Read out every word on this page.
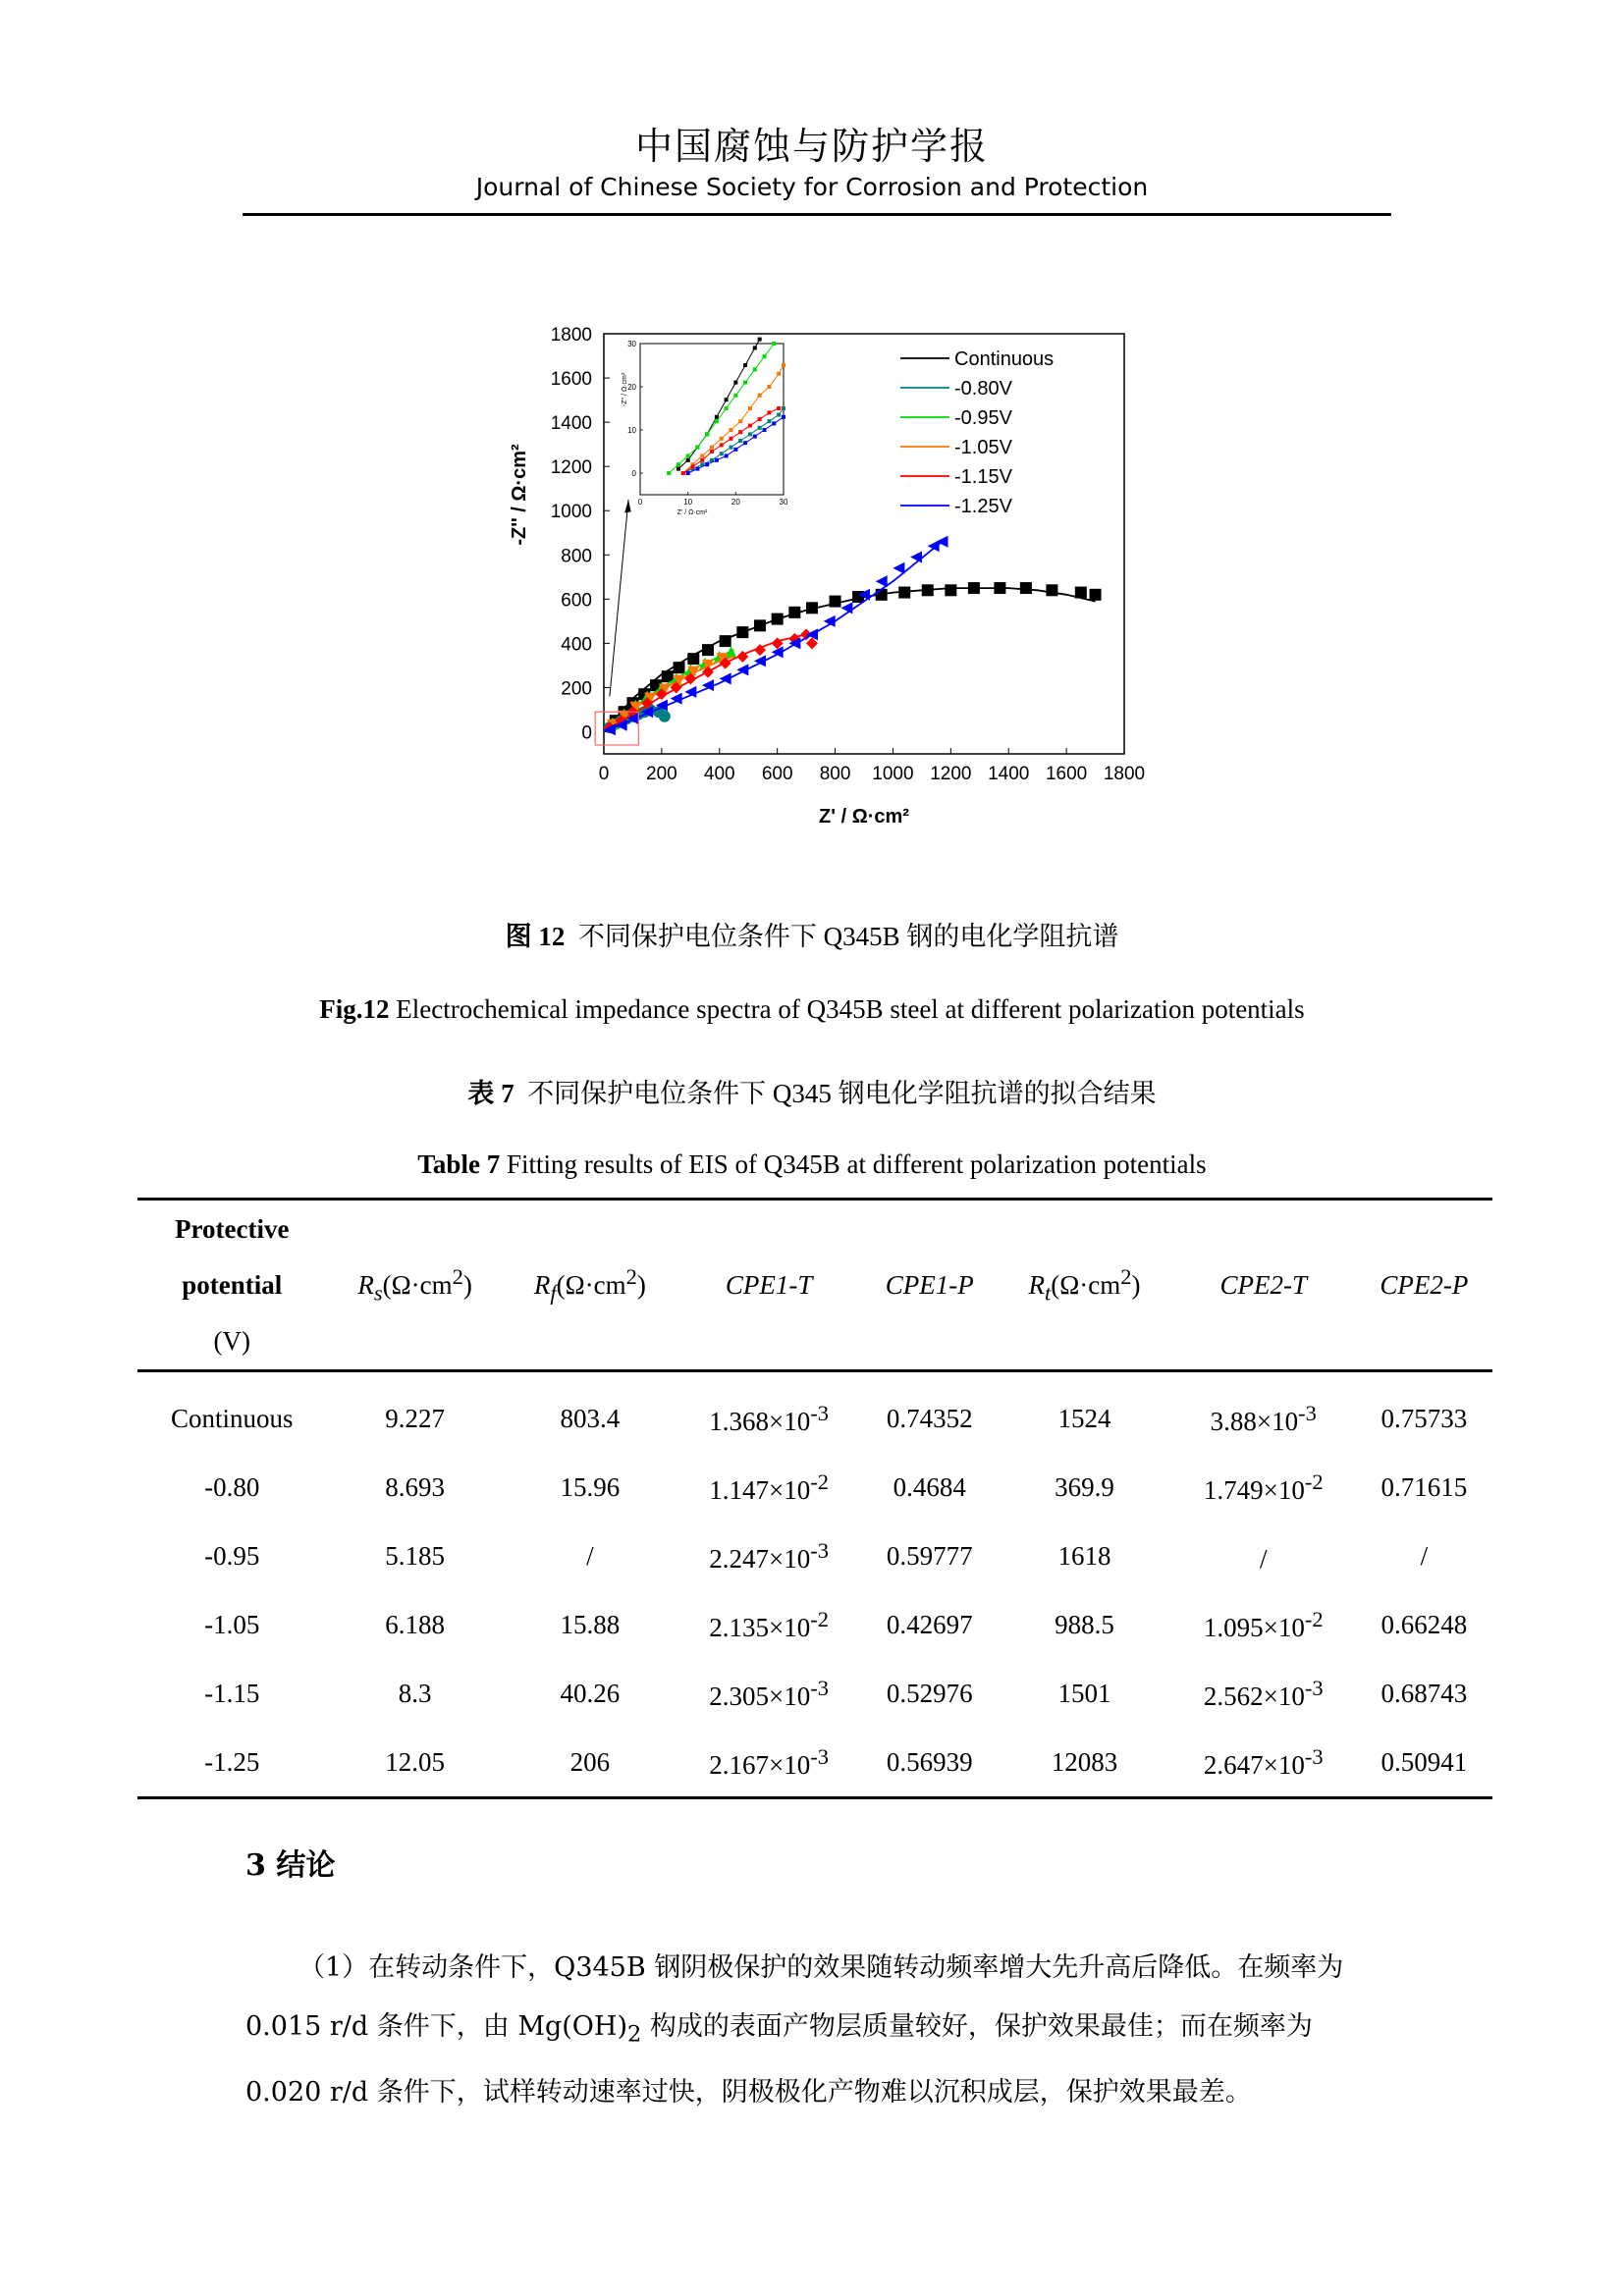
中国腐蚀与防护学报
Journal of Chinese Society for Corrosion and Protection
0 200 400 600 800 1000 1200 1400 1600 1800
0
200
400
600
800
1000
1200
1400
1600
1800
Continuous
-0.80V
-0.95V
-1.05V
-1.15V
-1.25V
0	10	20	30
0
10
20
30
Z' / Ω·cm²
-Z'' / Ω·cm²
Z' / Ω·cm²
-Z'' / Ω·cm²
图 12 不同保护电位条件下 Q345B 钢的电化学阻抗谱
Fig.12 Electrochemical impedance spectra of Q345B steel at different polarization potentials
表 7 不同保护电位条件下 Q345 钢电化学阻抗谱的拟合结果
Table 7 Fitting results of EIS of Q345B at different polarization potentials
Protective
potential
(V)	$R_s(\Omega\cdot cm^2)$	$R_f(\Omega\cdot cm^2)$	CPE1-T	CPE1-P	$R_t(\Omega\cdot cm^2)$	CPE2-T	CPE2-P
Continuous	9.227	803.4	$1.368\times 10^{-3}$	0.74352	1524	$3.88\times 10^{-3}$	0.75733
-0.80	8.693	15.96	$1.147\times 10^{-2}$	0.4684	369.9	$1.749\times 10^{-2}$	0.71615
-0.95	5.185	/	$2.247\times 10^{-3}$	0.59777	1618	/	/
-1.05	6.188	15.88	$2.135\times 10^{-2}$	0.42697	988.5	$1.095\times 10^{-2}$	0.66248
-1.15	8.3	40.26	$2.305\times 10^{-3}$	0.52976	1501	$2.562\times 10^{-3}$	0.68743
-1.25	12.05	206	$2.167\times 10^{-3}$	0.56939	12083	$2.647\times 10^{-3}$	0.50941
3 结论
（1）在转动条件下，Q345B 钢阴极保护的效果随转动频率增大先升高后降低。在频率为 0.015 r/d 条件下，由 $Mg(OH)_2$ 构成的表面产物层质量较好，保护效果最佳；而在频率为 0.020 r/d 条件下，试样转动速率过快，阴极极化产物难以沉积成层，保护效果最差。
